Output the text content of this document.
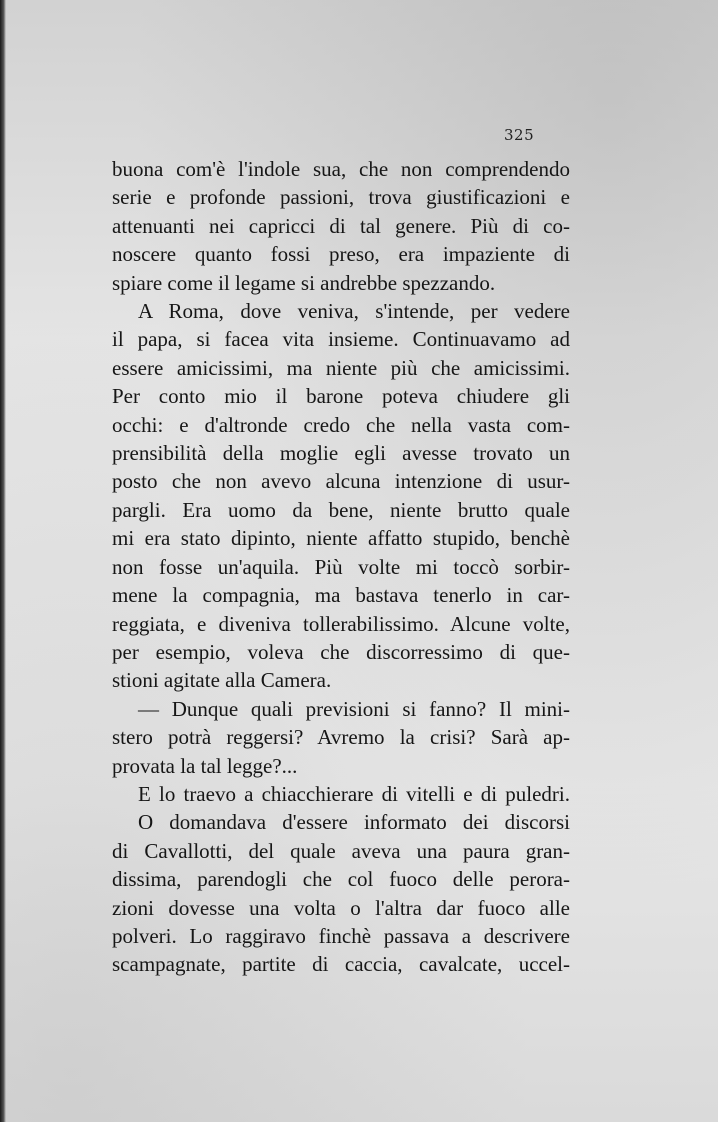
325
buona com'è l'indole sua, che non comprendendo
serie e profonde passioni, trova giustificazioni e
attenuanti nei capricci di tal genere. Più di co-
noscere quanto fossi preso, era impaziente di
spiare come il legame si andrebbe spezzando.
A Roma, dove veniva, s'intende, per vedere
il papa, si facea vita insieme. Continuavamo ad
essere amicissimi, ma niente più che amicissimi.
Per conto mio il barone poteva chiudere gli
occhi: e d'altronde credo che nella vasta com-
prensibilità della moglie egli avesse trovato un
posto che non avevo alcuna intenzione di usur-
pargli. Era uomo da bene, niente brutto quale
mi era stato dipinto, niente affatto stupido, benchè
non fosse un'aquila. Più volte mi toccò sorbir-
mene la compagnia, ma bastava tenerlo in car-
reggiata, e diveniva tollerabilissimo. Alcune volte,
per esempio, voleva che discorressimo di que-
stioni agitate alla Camera.
— Dunque quali previsioni si fanno? Il mini-
stero potrà reggersi? Avremo la crisi? Sarà ap-
provata la tal legge?...
E lo traevo a chiacchierare di vitelli e di puledri.
O domandava d'essere informato dei discorsi
di Cavallotti, del quale aveva una paura gran-
dissima, parendogli che col fuoco delle perora-
zioni dovesse una volta o l'altra dar fuoco alle
polveri. Lo raggiravo finchè passava a descrivere
scampagnate, partite di caccia, cavalcate, uccel-
